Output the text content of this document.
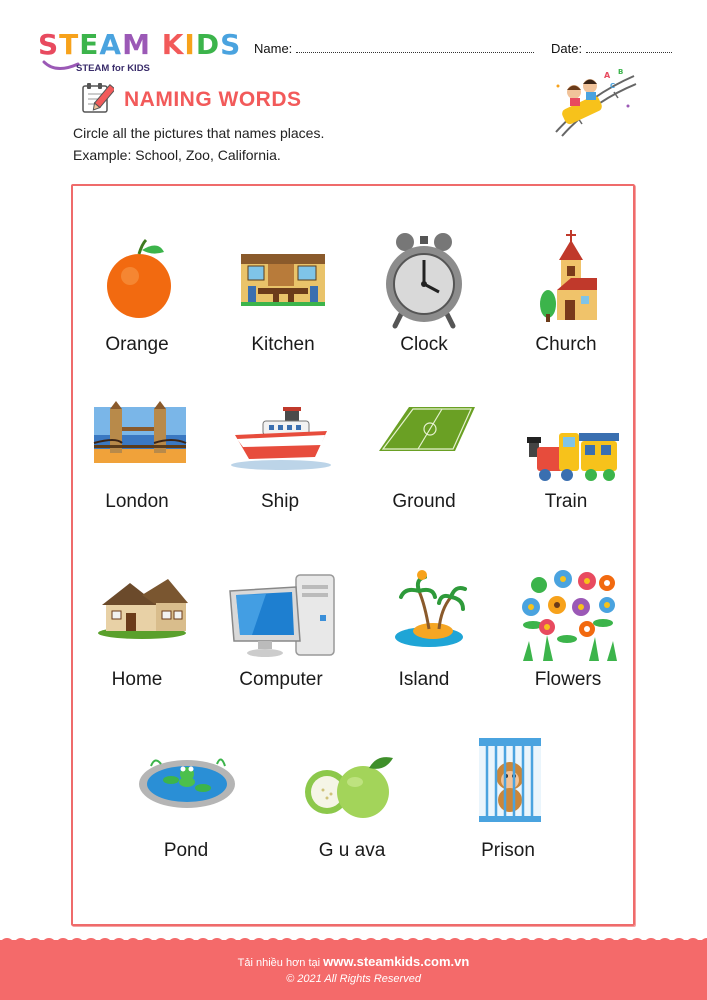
STEAM KIDS
STEAM for KIDS
Name:	Date:
A B
C
NAMING WORDS
Circle all the pictures that names places.
Example: School, Zoo, California.
Orange	Kitchen	Clock	Church
London	Ship	Ground	Train
Home	Computer	Island	Flowers
Pond	G u ava	Prison
Tải nhiều hơn tại www.steamkids.com.vn
© 2021 All Rights Reserved
